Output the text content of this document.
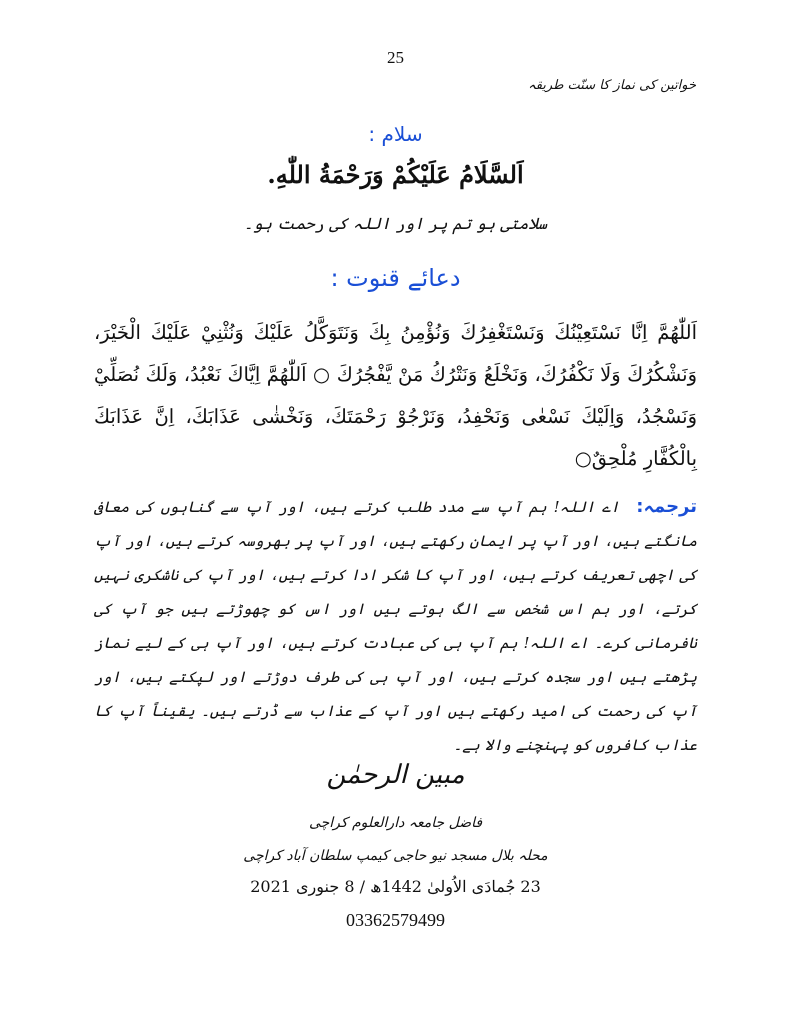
25
خواتین کی نماز کا سنّت طریقہ
سلام :
اَلسَّلَامُ عَلَيْكُمْ وَرَحْمَةُ اللّٰهِ.
سلامتی ہو تم پر اور اللہ کی رحمت ہو۔
دعائے قنوت :
اَللّٰهُمَّ اِنَّا نَسْتَعِيْنُكَ وَنَسْتَغْفِرُكَ وَنُؤْمِنُ بِكَ وَنَتَوَكَّلُ عَلَيْكَ وَنُثْنِيْ عَلَيْكَ الْخَيْرَ، وَنَشْكُرُكَ وَلَا نَكْفُرُكَ، وَنَخْلَعُ وَنَتْرُكُ مَنْ يَّفْجُرُكَ ○ اَللّٰهُمَّ اِيَّاكَ نَعْبُدُ، وَلَكَ نُصَلِّيْ وَنَسْجُدُ، وَاِلَيْكَ نَسْعٰى وَنَحْفِدُ، وَنَرْجُوْ رَحْمَتَكَ، وَنَخْشٰى عَذَابَكَ، اِنَّ عَذَابَكَ بِالْكُفَّارِ مُلْحِقٌ○
ترجمہ: اے اللہ! ہم آپ سے مدد طلب کرتے ہیں، اور آپ سے گناہوں کی معافی مانگتے ہیں، اور آپ پر ایمان رکھتے ہیں، اور آپ پر بھروسہ کرتے ہیں، اور آپ کی اچھی تعریف کرتے ہیں، اور آپ کا شکر ادا کرتے ہیں، اور آپ کی ناشکری نہیں کرتے، اور ہم اس شخص سے الگ ہوتے ہیں اور اس کو چھوڑتے ہیں جو آپ کی نافرمانی کرے۔ اے اللہ! ہم آپ ہی کی عبادت کرتے ہیں، اور آپ ہی کے لیے نماز پڑھتے ہیں اور سجدہ کرتے ہیں، اور آپ ہی کی طرف دوڑتے اور لپکتے ہیں، اور آپ کی رحمت کی امید رکھتے ہیں اور آپ کے عذاب سے ڈرتے ہیں۔ یقیناً آپ کا عذاب کافروں کو پہنچنے والا ہے۔
مبین الرحمٰن
فاضل جامعہ دارالعلوم کراچی
محلہ بلال مسجد نیو حاجی کیمپ سلطان آباد کراچی
23 جُمادَی الاُولیٰ 1442ھ / 8 جنوری 2021
03362579499
